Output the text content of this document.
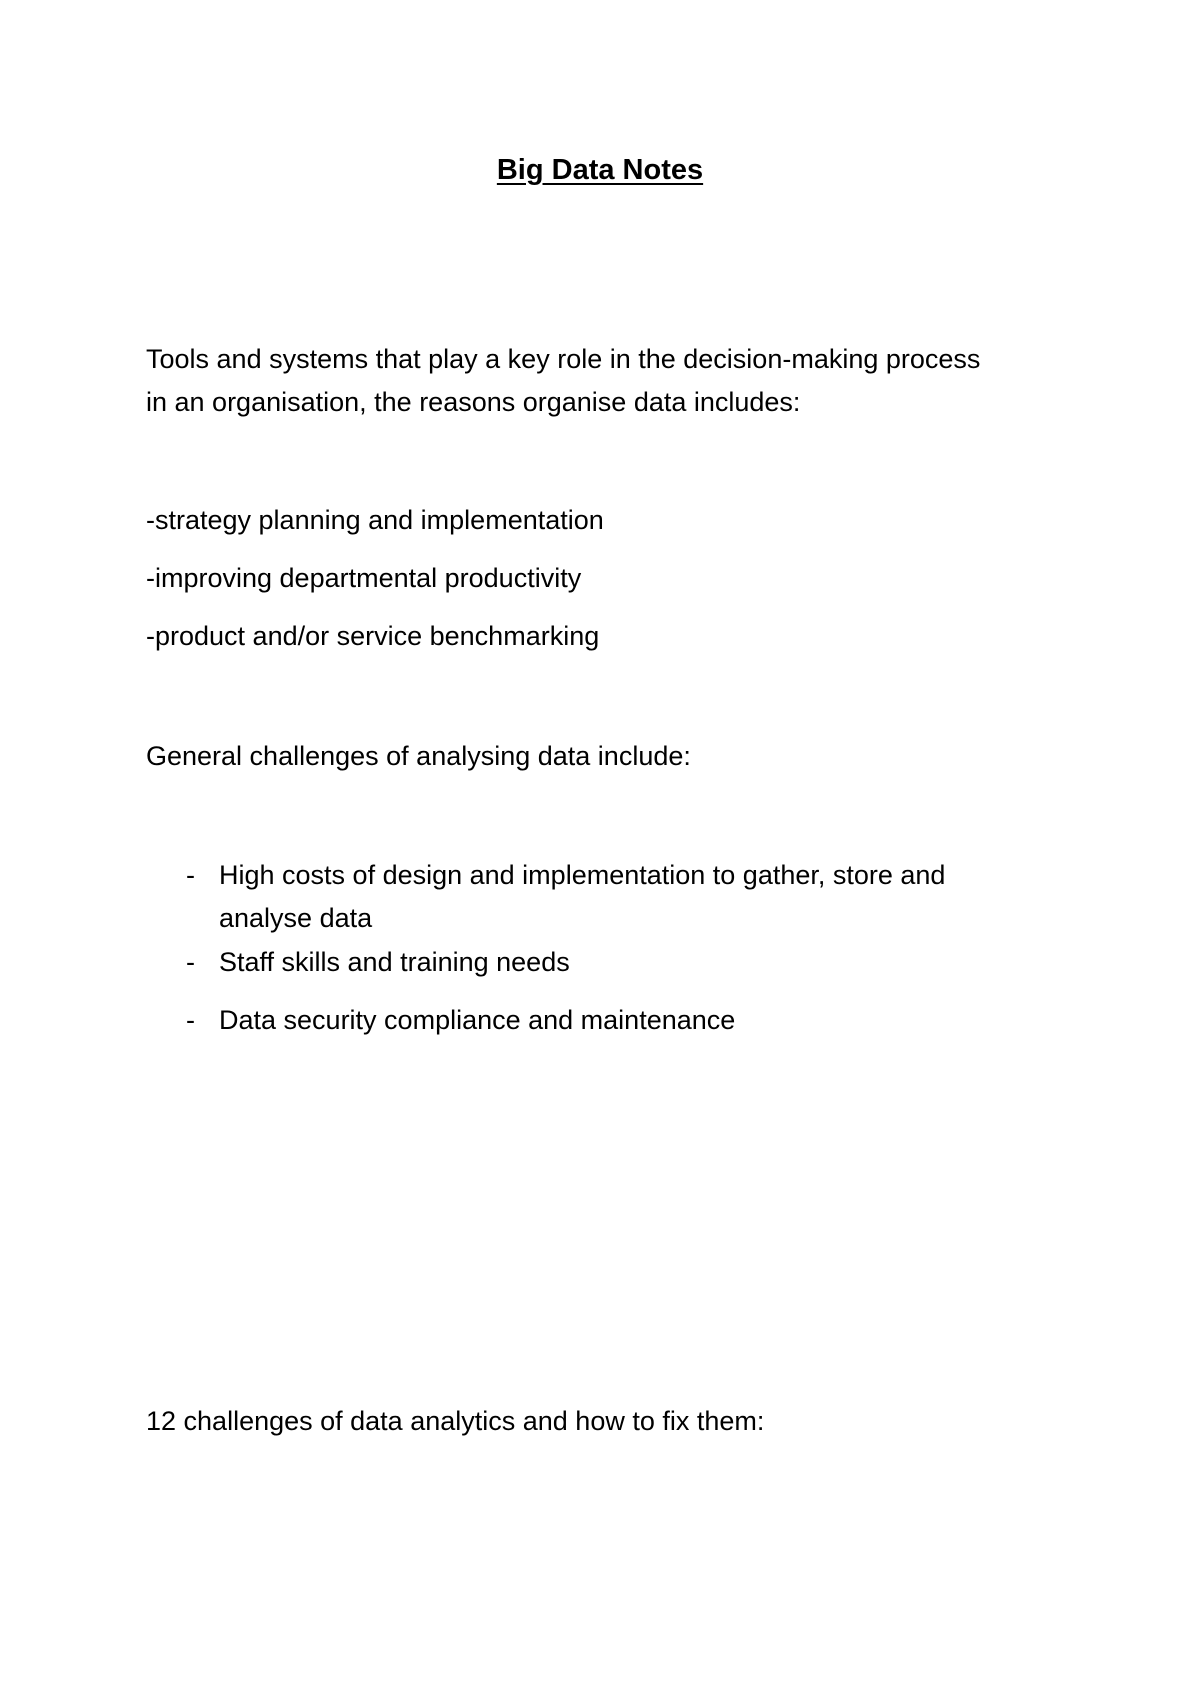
Big Data Notes
Tools and systems that play a key role in the decision-making process
in an organisation, the reasons organise data includes:
-strategy planning and implementation
-improving departmental productivity
-product and/or service benchmarking
General challenges of analysing data include:
- High costs of design and implementation to gather, store and
analyse data
- Staff skills and training needs
- Data security compliance and maintenance
12 challenges of data analytics and how to fix them:
